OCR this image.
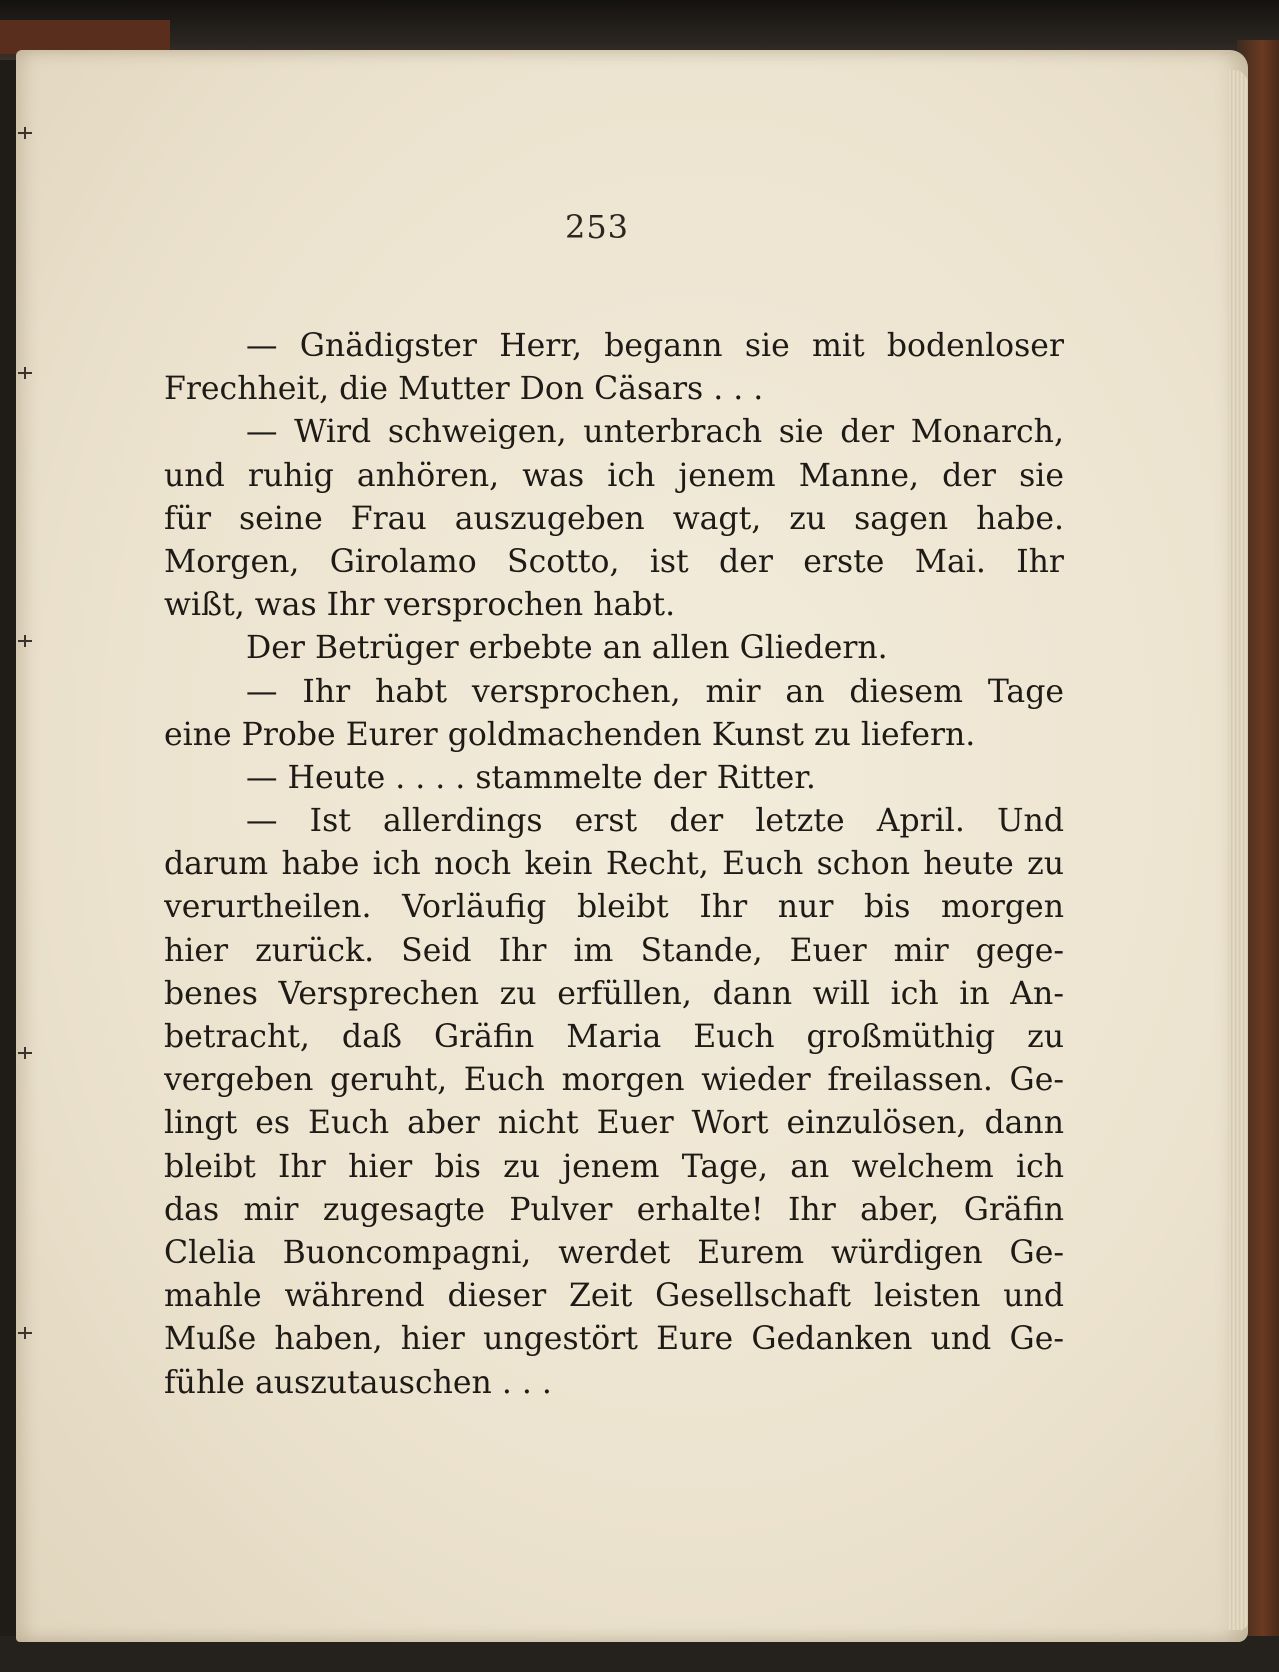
253
— Gnädigster Herr, begann sie mit bodenloser
Frechheit, die Mutter Don Cäsars . . .
— Wird schweigen, unterbrach sie der Monarch,
und ruhig anhören, was ich jenem Manne, der sie
für seine Frau auszugeben wagt, zu sagen habe.
Morgen, Girolamo Scotto, ist der erste Mai. Ihr
wißt, was Ihr versprochen habt.
Der Betrüger erbebte an allen Gliedern.
— Ihr habt versprochen, mir an diesem Tage
eine Probe Eurer goldmachenden Kunst zu liefern.
— Heute . . . . stammelte der Ritter.
— Ist allerdings erst der letzte April. Und
darum habe ich noch kein Recht, Euch schon heute zu
verurtheilen. Vorläufig bleibt Ihr nur bis morgen
hier zurück. Seid Ihr im Stande, Euer mir gege-
benes Versprechen zu erfüllen, dann will ich in An-
betracht, daß Gräfin Maria Euch großmüthig zu
vergeben geruht, Euch morgen wieder freilassen. Ge-
lingt es Euch aber nicht Euer Wort einzulösen, dann
bleibt Ihr hier bis zu jenem Tage, an welchem ich
das mir zugesagte Pulver erhalte! Ihr aber, Gräfin
Clelia Buoncompagni, werdet Eurem würdigen Ge-
mahle während dieser Zeit Gesellschaft leisten und
Muße haben, hier ungestört Eure Gedanken und Ge-
fühle auszutauschen . . .
